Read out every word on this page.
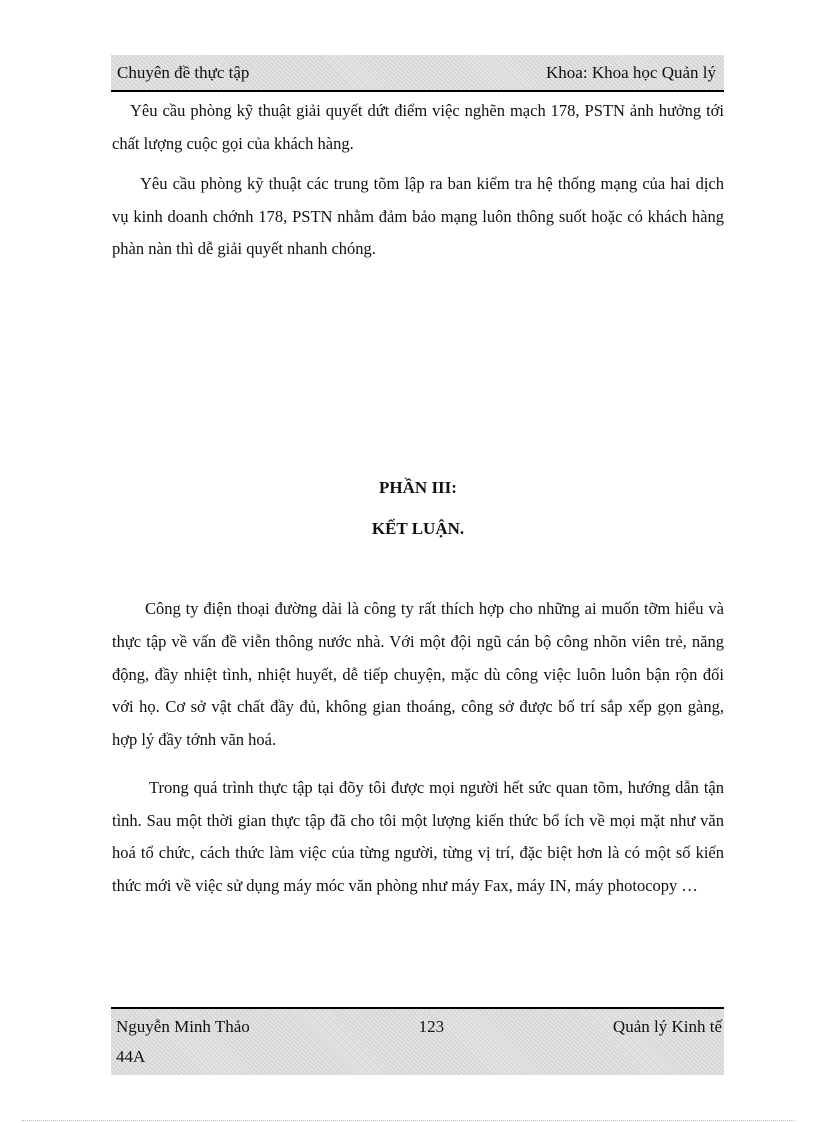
Chuyên đề thực tập	Khoa: Khoa học Quản lý

Yêu cầu phòng kỹ thuật giải quyết dứt điểm việc nghẽn mạch 178, PSTN ảnh hưởng tới chất lượng cuộc gọi của khách hàng.

Yêu cầu phòng kỹ thuật các trung tõm lập ra ban kiểm tra hệ thống mạng của hai dịch vụ kinh doanh chớnh 178, PSTN nhằm đảm bảo mạng luôn thông suốt hoặc có khách hàng phàn nàn thì dễ giải quyết nhanh chóng.

PHẦN III:
KẾT LUẬN.

Công ty điện thoại đường dài là công ty rất thích hợp cho những ai muốn tỡm hiểu và thực tập về vấn đề viễn thông nước nhà. Với một đội ngũ cán bộ công nhõn viên trẻ, năng động, đầy nhiệt tình, nhiệt huyết, dễ tiếp chuyện, mặc dù công việc luôn luôn bận rộn đối với họ. Cơ sở vật chất đầy đủ, không gian thoáng, công sở được bố trí sắp xếp gọn gàng, hợp lý đầy tớnh văn hoá.

Trong quá trình thực tập tại đõy tôi được mọi người hết sức quan tõm, hướng dẫn tận tình. Sau một thời gian thực tập đã cho tôi một lượng kiến thức bổ ích về mọi mặt như văn hoá tổ chức, cách thức làm việc của từng người, từng vị trí, đặc biệt hơn là có một số kiến thức mới về việc sử dụng máy móc văn phòng như máy Fax, máy IN, máy photocopy …

Nguyễn Minh Thảo	123	Quản lý Kinh tế
44A
